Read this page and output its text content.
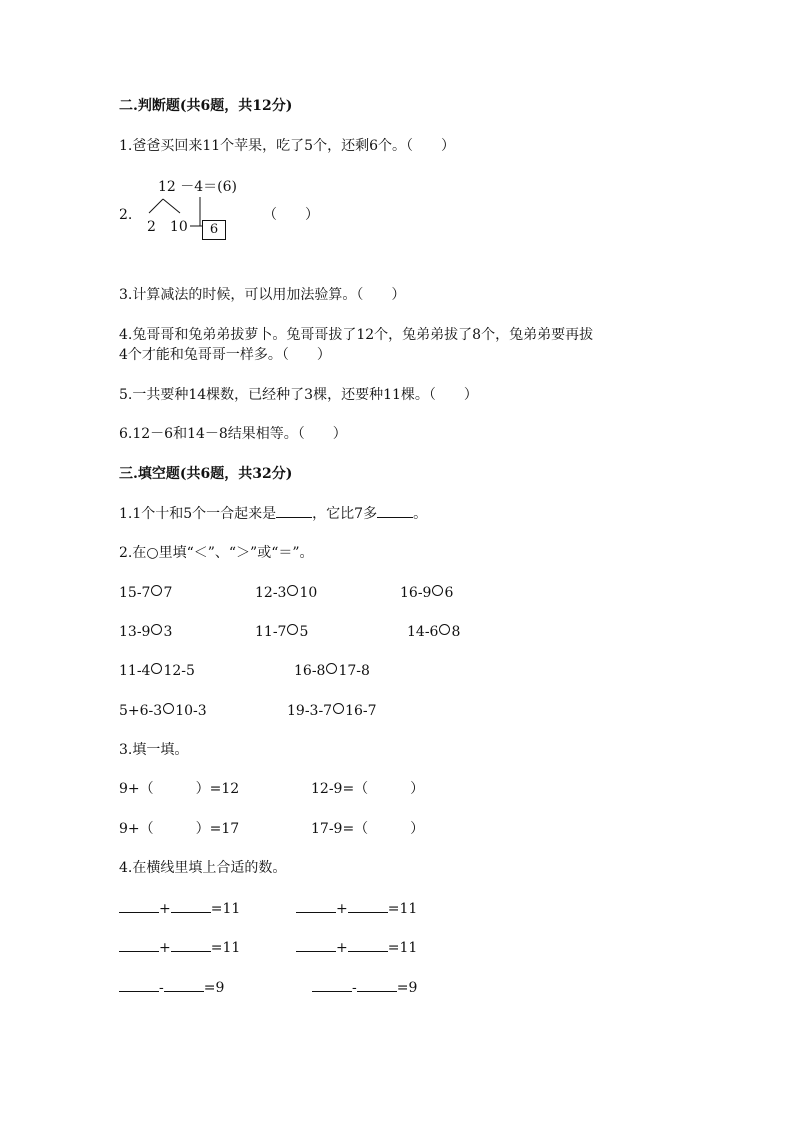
二.判断题(共6题，共12分)
1.爸爸买回来11个苹果，吃了5个，还剩6个。（　　）
2.
12 －4＝(6)
2　10	6
（　　）
3.计算减法的时候，可以用加法验算。（　　）
4.兔哥哥和兔弟弟拔萝卜。兔哥哥拔了12个，兔弟弟拔了8个，兔弟弟要再拔
4个才能和兔哥哥一样多。（　　）
5.一共要种14棵数，已经种了3棵，还要种11棵。（　　）
6.12－6和14－8结果相等。（　　）
三.填空题(共6题，共32分)
1.1个十和5个一合起来是	，它比7多	。
2.在○里填“＜”、“＞”或“＝”。
15-7 7	12-3 10	16-9 6
13-9 3	11-7 5	14-6 8
11-4 12-5	16-8 17-8
5+6-3 10-3	19-3-7 16-7
3.填一填。
9+（　　　）=12	12-9=（　　　）
9+（　　　）=17	17-9=（　　　）
4.在横线里填上合适的数。
+	=11	+	=11
+	=11	+	=11
-	=9	-	=9
